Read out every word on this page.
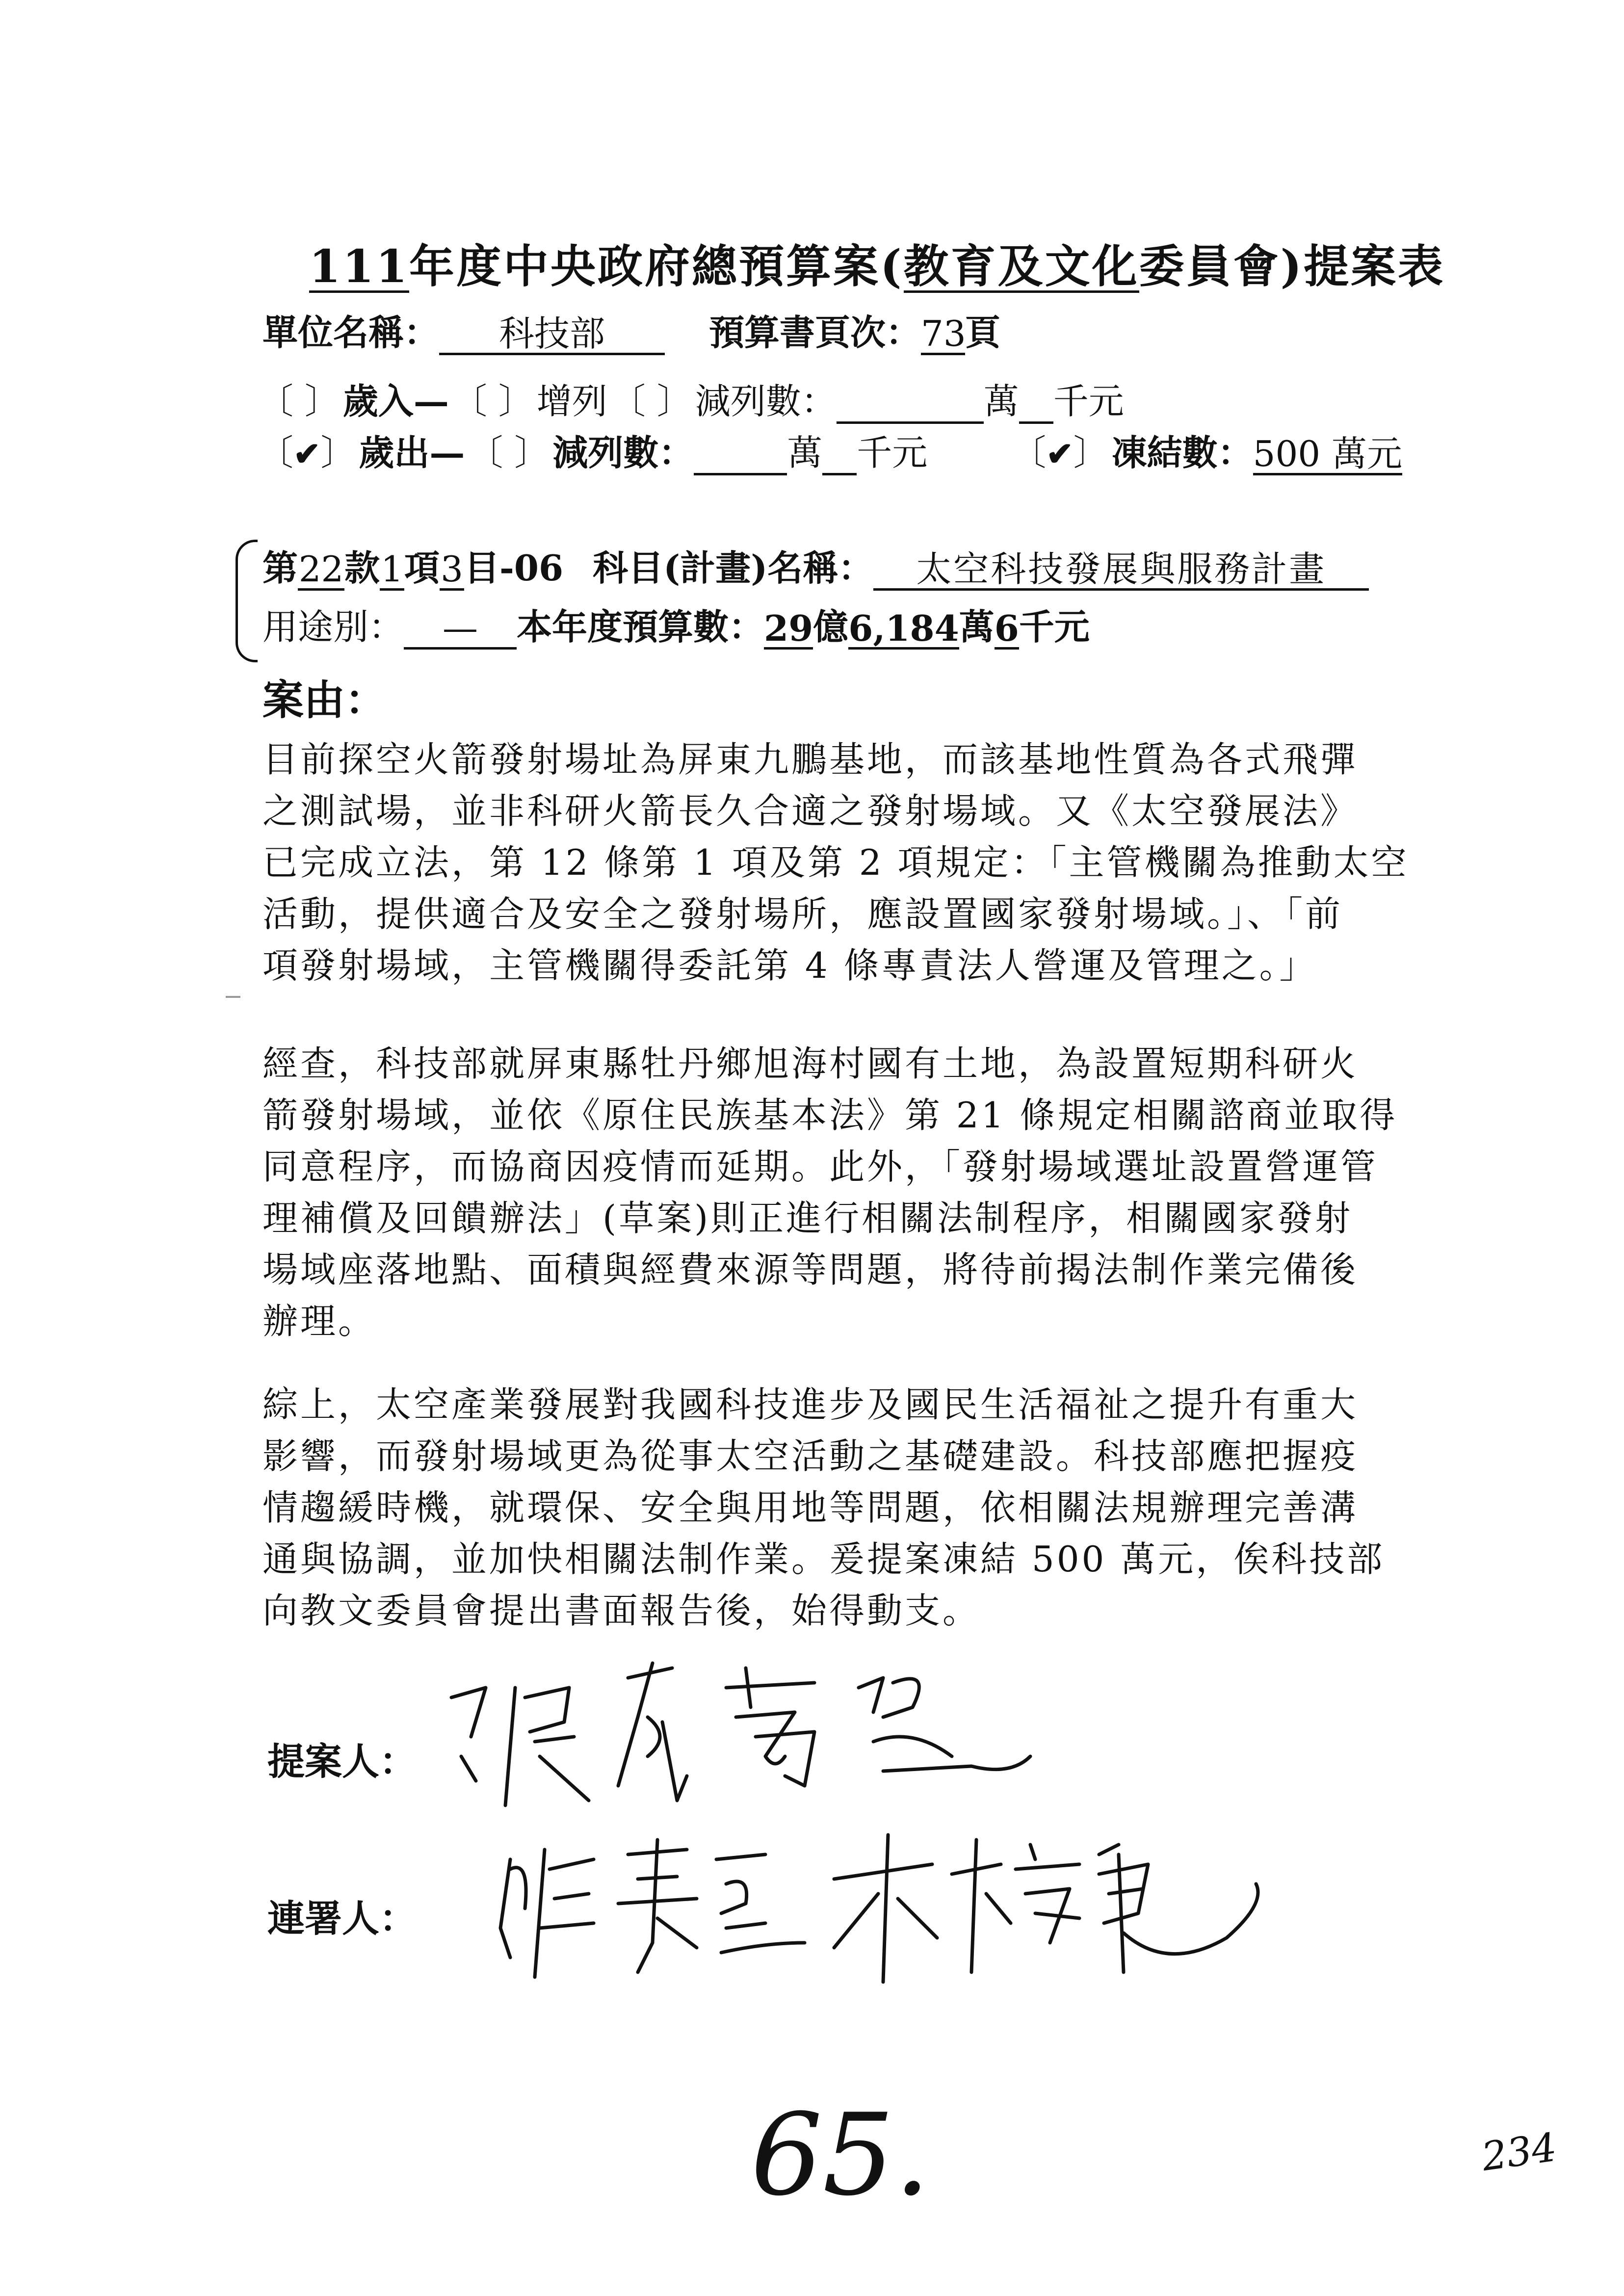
111年度中央政府總預算案(教育及文化委員會)提案表
單位名稱：	科技部	預算書頁次： 73
頁
〔 〕 歲入— 〔 〕 增列 〔 〕 減列數：	萬 千元
〔✔〕 歲出— 〔 〕 減列數：	萬 千元 〔✔〕 凍結數： 500 萬元
第 22 款 1 項 3 目-06 科目(計畫)名稱：	太空科技發展與服務計畫
用途別：	—	本年度預算數： 29 億 6,184 萬 6 千元
案由：
目前探空火箭發射場址為屏東九鵬基地，而該基地性質為各式飛彈
之測試場，並非科研火箭長久合適之發射場域。又《太空發展法》
已完成立法，第 12 條第 1 項及第 2 項規定：「主管機關為推動太空
活動，提供適合及安全之發射場所，應設置國家發射場域。」、「前
項發射場域，主管機關得委託第 4 條專責法人營運及管理之。」
經查，科技部就屏東縣牡丹鄉旭海村國有土地，為設置短期科研火
箭發射場域，並依《原住民族基本法》第 21 條規定相關諮商並取得
同意程序，而協商因疫情而延期。此外，「發射場域選址設置營運管
理補償及回饋辦法」(草案)則正進行相關法制程序，相關國家發射
場域座落地點、面積與經費來源等問題，將待前揭法制作業完備後
辦理。
綜上，太空產業發展對我國科技進步及國民生活福祉之提升有重大
影響，而發射場域更為從事太空活動之基礎建設。科技部應把握疫
情趨緩時機，就環保、安全與用地等問題，依相關法規辦理完善溝
通與協調，並加快相關法制作業。爰提案凍結 500 萬元，俟科技部
向教文委員會提出書面報告後，始得動支。
提案人：
連署人：
65.	234
